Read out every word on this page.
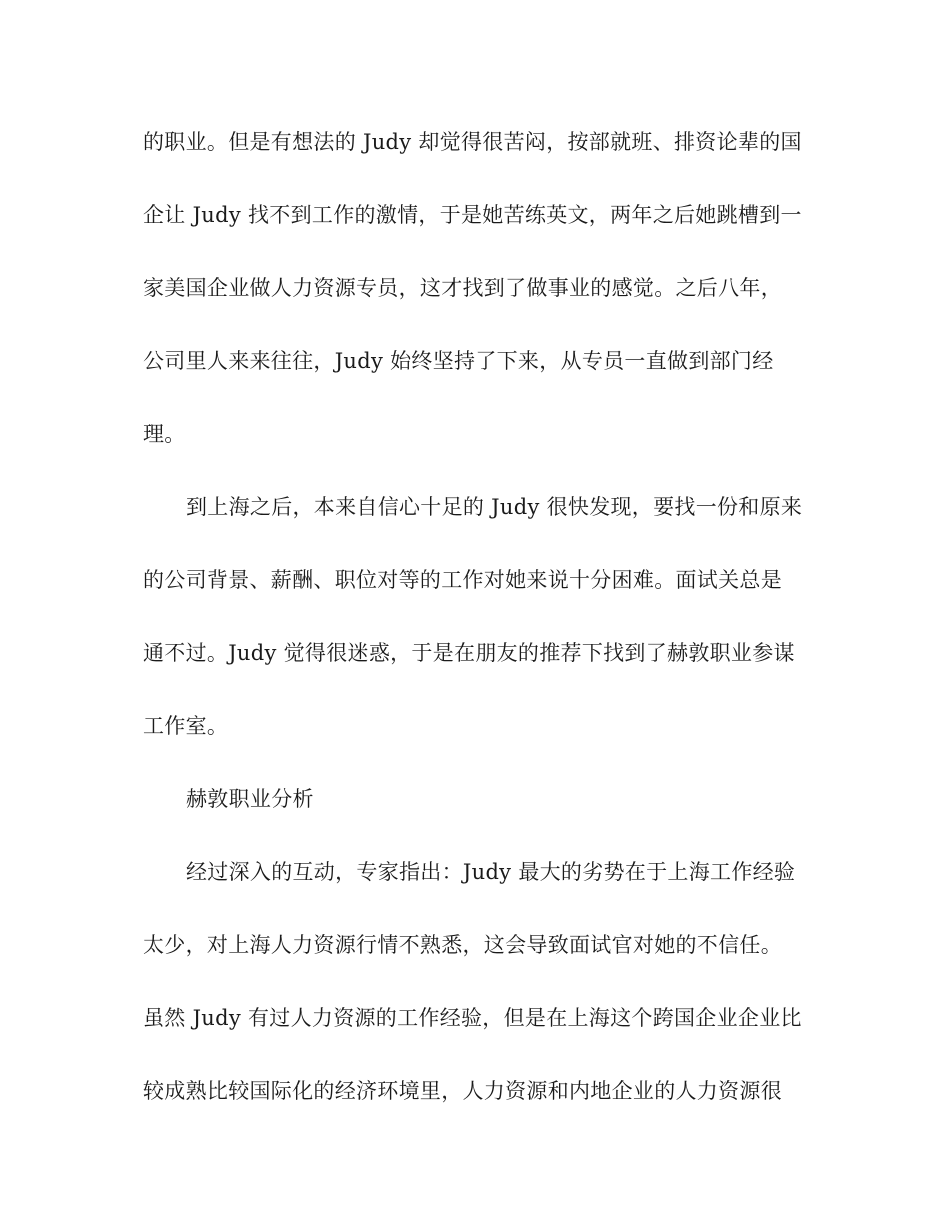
的职业。但是有想法的 Judy 却觉得很苦闷，按部就班、排资论辈的国
企让 Judy 找不到工作的激情，于是她苦练英文，两年之后她跳槽到一
家美国企业做人力资源专员，这才找到了做事业的感觉。之后八年，
公司里人来来往往，Judy 始终坚持了下来，从专员一直做到部门经
理。
到上海之后，本来自信心十足的 Judy 很快发现，要找一份和原来
的公司背景、薪酬、职位对等的工作对她来说十分困难。面试关总是
通不过。Judy 觉得很迷惑，于是在朋友的推荐下找到了赫敦职业参谋
工作室。
赫敦职业分析
经过深入的互动，专家指出：Judy 最大的劣势在于上海工作经验
太少，对上海人力资源行情不熟悉，这会导致面试官对她的不信任。
虽然 Judy 有过人力资源的工作经验，但是在上海这个跨国企业企业比
较成熟比较国际化的经济环境里，人力资源和内地企业的人力资源很
